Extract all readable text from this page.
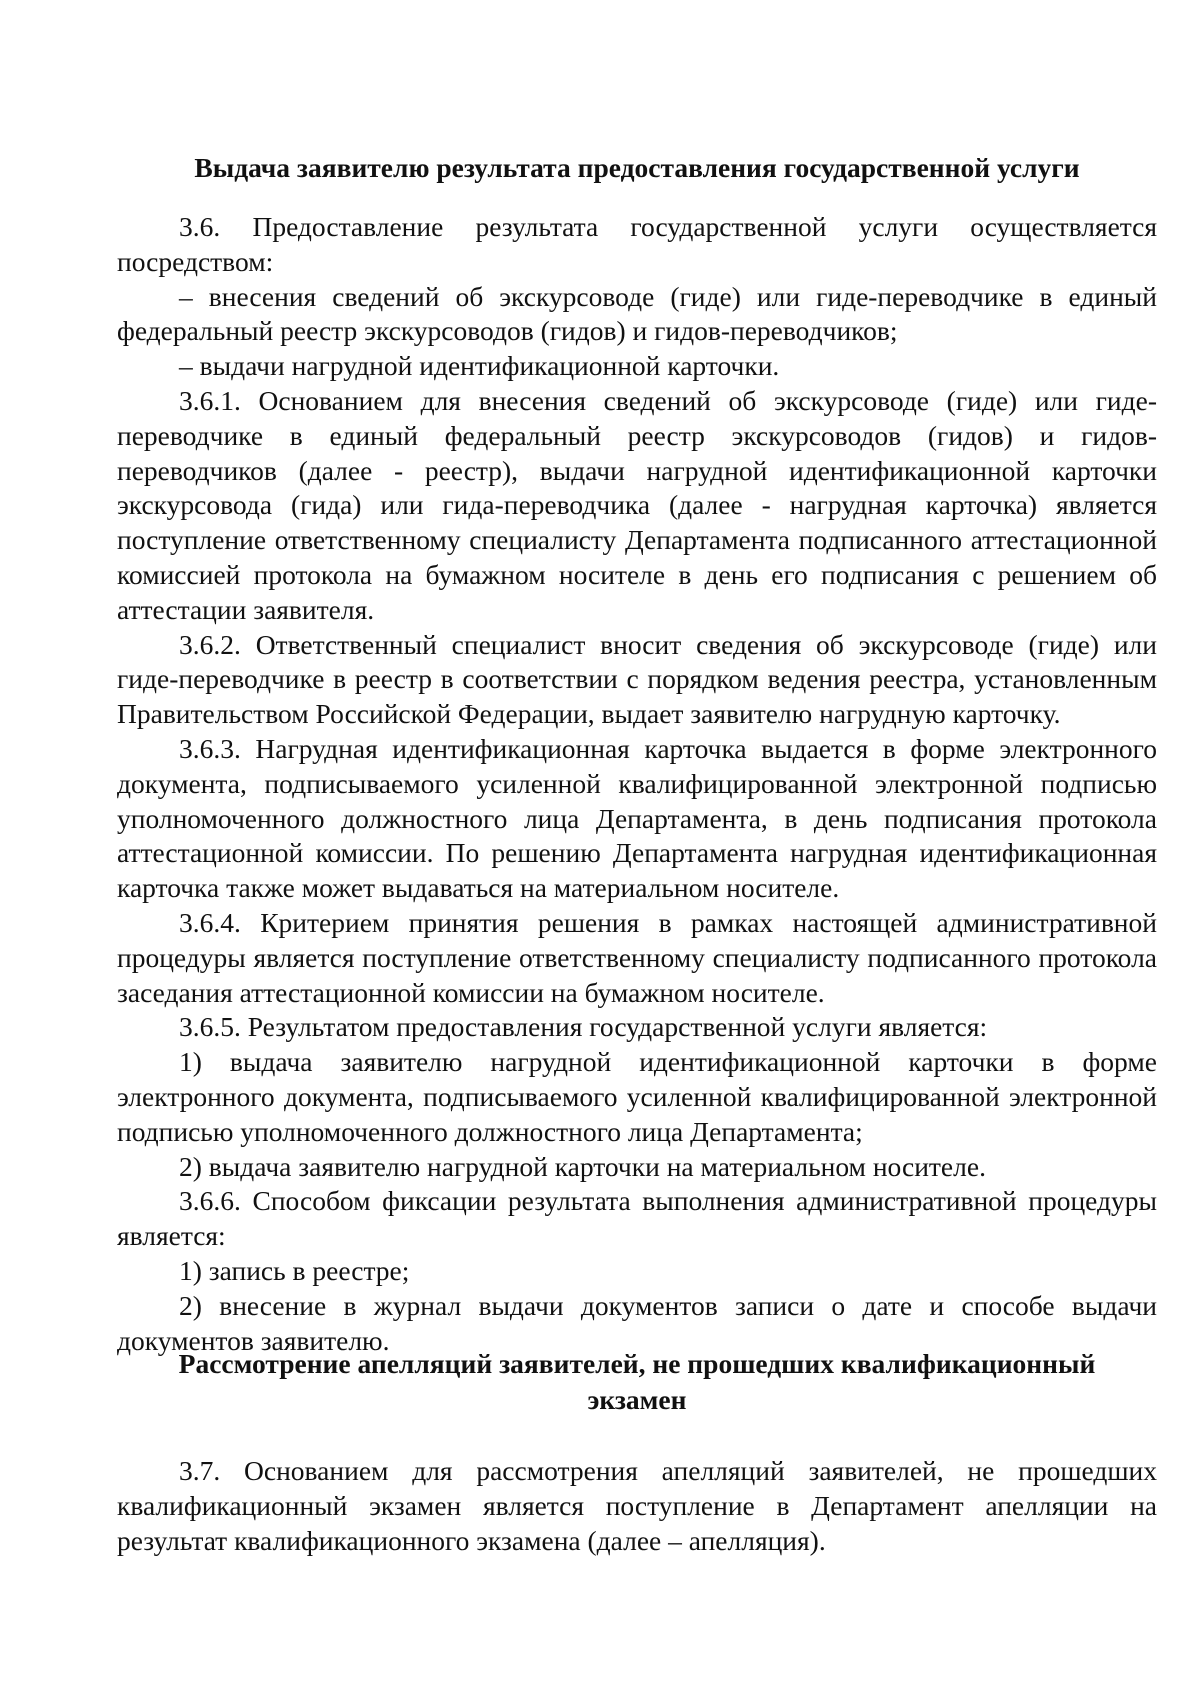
Выдача заявителю результата предоставления государственной услуги

3.6. Предоставление результата государственной услуги осуществляется посредством:

– внесения сведений об экскурсоводе (гиде) или гиде-переводчике в единый федеральный реестр экскурсоводов (гидов) и гидов-переводчиков;

– выдачи нагрудной идентификационной карточки.

3.6.1. Основанием для внесения сведений об экскурсоводе (гиде) или гиде-переводчике в единый федеральный реестр экскурсоводов (гидов) и гидов-переводчиков (далее - реестр), выдачи нагрудной идентификационной карточки экскурсовода (гида) или гида-переводчика (далее - нагрудная карточка) является поступление ответственному специалисту Департамента подписанного аттестационной комиссией протокола на бумажном носителе в день его подписания с решением об аттестации заявителя.

3.6.2. Ответственный специалист вносит сведения об экскурсоводе (гиде) или гиде-переводчике в реестр в соответствии с порядком ведения реестра, установленным Правительством Российской Федерации, выдает заявителю нагрудную карточку.

3.6.3. Нагрудная идентификационная карточка выдается в форме электронного документа, подписываемого усиленной квалифицированной электронной подписью уполномоченного должностного лица Департамента, в день подписания протокола аттестационной комиссии. По решению Департамента нагрудная идентификационная карточка также может выдаваться на материальном носителе.

3.6.4. Критерием принятия решения в рамках настоящей административной процедуры является поступление ответственному специалисту подписанного протокола заседания аттестационной комиссии на бумажном носителе.

3.6.5. Результатом предоставления государственной услуги является:

1) выдача заявителю нагрудной идентификационной карточки в форме электронного документа, подписываемого усиленной квалифицированной электронной подписью уполномоченного должностного лица Департамента;

2) выдача заявителю нагрудной карточки на материальном носителе.

3.6.6. Способом фиксации результата выполнения административной процедуры является:

1) запись в реестре;

2) внесение в журнал выдачи документов записи о дате и способе выдачи документов заявителю.

Рассмотрение апелляций заявителей, не прошедших квалификационный
экзамен

3.7. Основанием для рассмотрения апелляций заявителей, не прошедших квалификационный экзамен является поступление в Департамент апелляции на результат квалификационного экзамена (далее – апелляция).
